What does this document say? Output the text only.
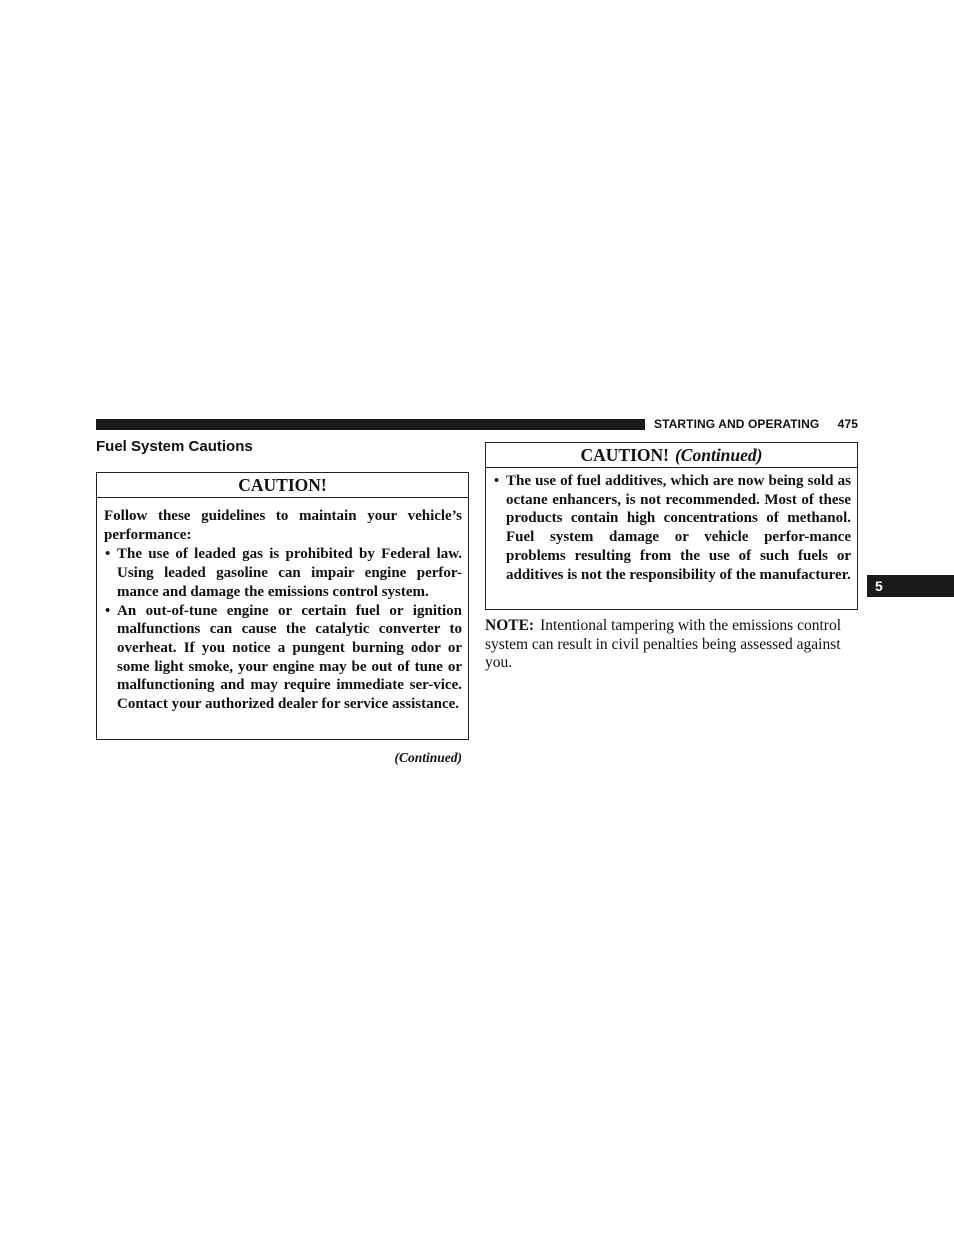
STARTING AND OPERATING 475
Fuel System Cautions
CAUTION!

Follow these guidelines to maintain your vehicle’s performance:

• The use of leaded gas is prohibited by Federal law. Using leaded gasoline can impair engine perfor-mance and damage the emissions control system.

• An out-of-tune engine or certain fuel or ignition malfunctions can cause the catalytic converter to overheat. If you notice a pungent burning odor or some light smoke, your engine may be out of tune or malfunctioning and may require immediate ser-vice. Contact your authorized dealer for service assistance.

(Continued)
CAUTION! (Continued)

• The use of fuel additives, which are now being sold as octane enhancers, is not recommended. Most of these products contain high concentrations of methanol. Fuel system damage or vehicle perfor-mance problems resulting from the use of such fuels or additives is not the responsibility of the manufacturer.

NOTE: Intentional tampering with the emissions control system can result in civil penalties being assessed against you.
5
